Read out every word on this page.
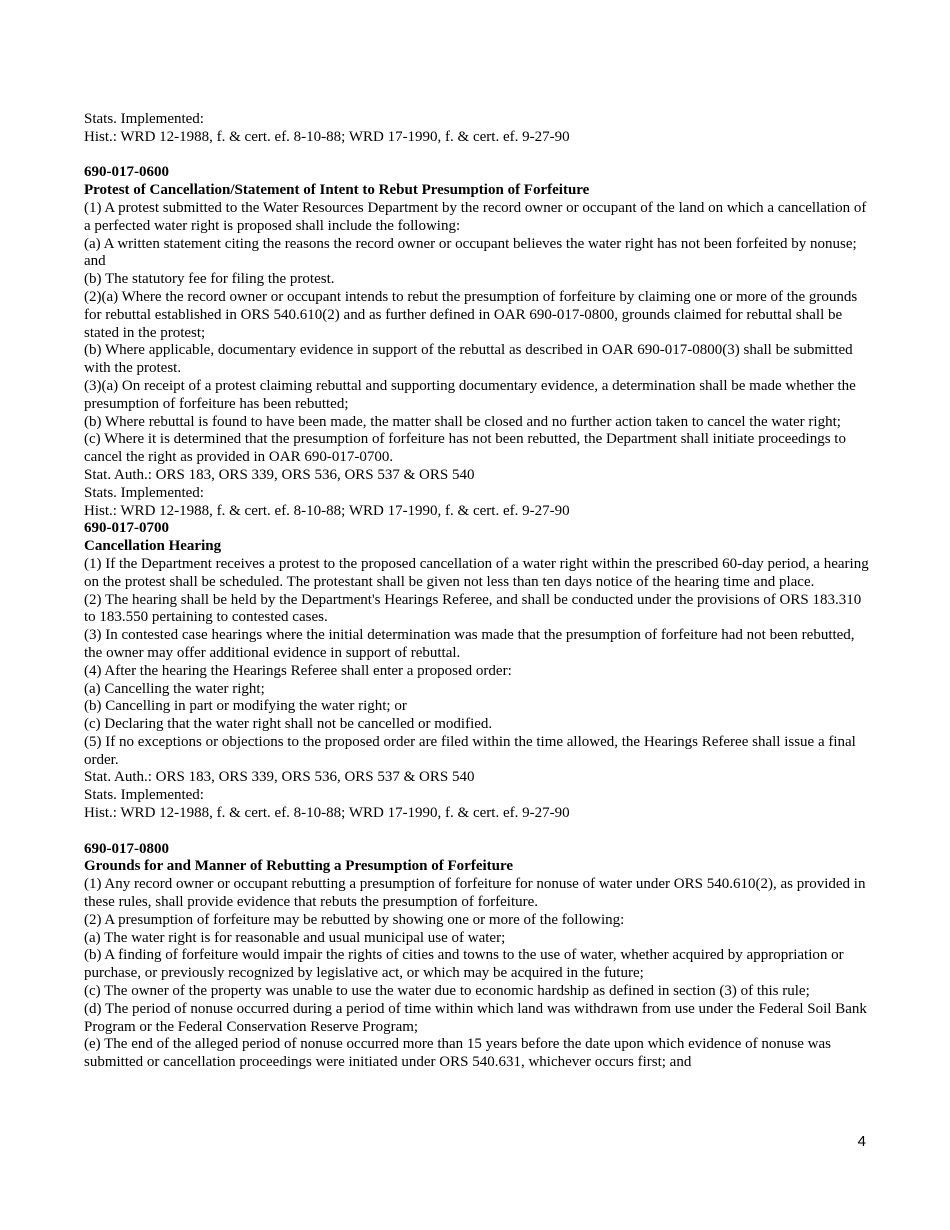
Stats. Implemented:

Hist.: WRD 12-1988, f. & cert. ef. 8-10-88; WRD 17-1990, f. & cert. ef. 9-27-90

690-017-0600

Protest of Cancellation/Statement of Intent to Rebut Presumption of Forfeiture

(1) A protest submitted to the Water Resources Department by the record owner or occupant of the land on which a cancellation of a perfected water right is proposed shall include the following:

(a) A written statement citing the reasons the record owner or occupant believes the water right has not been forfeited by nonuse; and

(b) The statutory fee for filing the protest.

(2)(a) Where the record owner or occupant intends to rebut the presumption of forfeiture by claiming one or more of the grounds for rebuttal established in ORS 540.610(2) and as further defined in OAR 690-017-0800, grounds claimed for rebuttal shall be stated in the protest;

(b) Where applicable, documentary evidence in support of the rebuttal as described in OAR 690-017-0800(3) shall be submitted with the protest.

(3)(a) On receipt of a protest claiming rebuttal and supporting documentary evidence, a determination shall be made whether the presumption of forfeiture has been rebutted;

(b) Where rebuttal is found to have been made, the matter shall be closed and no further action taken to cancel the water right;

(c) Where it is determined that the presumption of forfeiture has not been rebutted, the Department shall initiate proceedings to cancel the right as provided in OAR 690-017-0700.

Stat. Auth.: ORS 183, ORS 339, ORS 536, ORS 537 & ORS 540

Stats. Implemented:

Hist.: WRD 12-1988, f. & cert. ef. 8-10-88; WRD 17-1990, f. & cert. ef. 9-27-90

690-017-0700

Cancellation Hearing

(1) If the Department receives a protest to the proposed cancellation of a water right within the prescribed 60-day period, a hearing on the protest shall be scheduled. The protestant shall be given not less than ten days notice of the hearing time and place.

(2) The hearing shall be held by the Department's Hearings Referee, and shall be conducted under the provisions of ORS 183.310 to 183.550 pertaining to contested cases.

(3) In contested case hearings where the initial determination was made that the presumption of forfeiture had not been rebutted, the owner may offer additional evidence in support of rebuttal.

(4) After the hearing the Hearings Referee shall enter a proposed order:

(a) Cancelling the water right;

(b) Cancelling in part or modifying the water right; or

(c) Declaring that the water right shall not be cancelled or modified.

(5) If no exceptions or objections to the proposed order are filed within the time allowed, the Hearings Referee shall issue a final order.

Stat. Auth.: ORS 183, ORS 339, ORS 536, ORS 537 & ORS 540

Stats. Implemented:

Hist.: WRD 12-1988, f. & cert. ef. 8-10-88; WRD 17-1990, f. & cert. ef. 9-27-90

690-017-0800

Grounds for and Manner of Rebutting a Presumption of Forfeiture

(1) Any record owner or occupant rebutting a presumption of forfeiture for nonuse of water under ORS 540.610(2), as provided in these rules, shall provide evidence that rebuts the presumption of forfeiture.

(2) A presumption of forfeiture may be rebutted by showing one or more of the following:

(a) The water right is for reasonable and usual municipal use of water;

(b) A finding of forfeiture would impair the rights of cities and towns to the use of water, whether acquired by appropriation or purchase, or previously recognized by legislative act, or which may be acquired in the future;

(c) The owner of the property was unable to use the water due to economic hardship as defined in section (3) of this rule;

(d) The period of nonuse occurred during a period of time within which land was withdrawn from use under the Federal Soil Bank Program or the Federal Conservation Reserve Program;

(e) The end of the alleged period of nonuse occurred more than 15 years before the date upon which evidence of nonuse was submitted or cancellation proceedings were initiated under ORS 540.631, whichever occurs first; and

4
